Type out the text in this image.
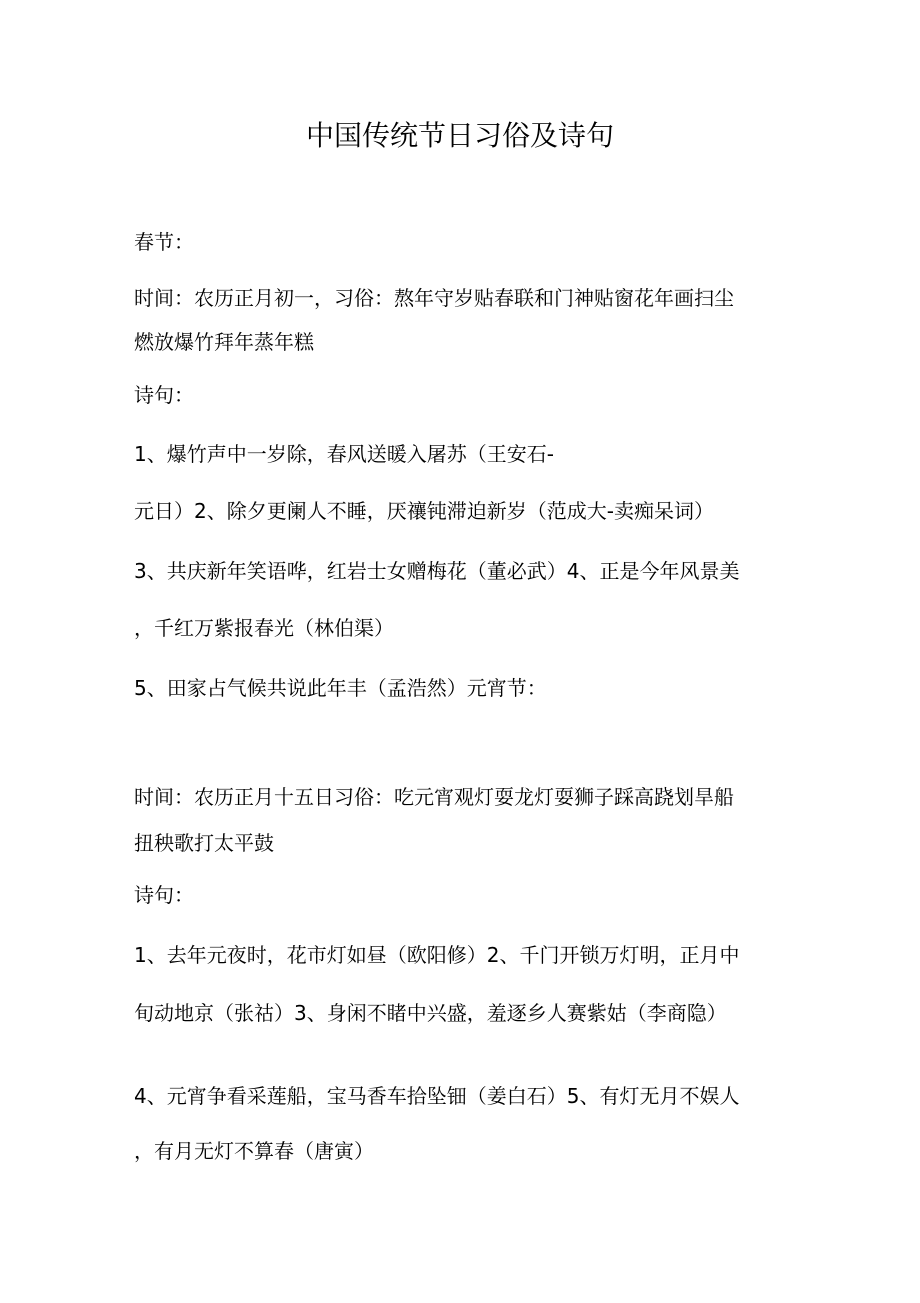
中国传统节日习俗及诗句
春节：
时间：农历正月初一，习俗：熬年守岁贴春联和门神贴窗花年画扫尘
燃放爆竹拜年蒸年糕
诗句：
1、爆竹声中一岁除，春风送暖入屠苏（王安石-
元日）2、除夕更阑人不睡，厌禳钝滞迫新岁（范成大-卖痴呆词）
3、共庆新年笑语哗，红岩士女赠梅花（董必武）4、正是今年风景美
，千红万紫报春光（林伯渠）
5、田家占气候共说此年丰（孟浩然）元宵节：
时间：农历正月十五日习俗：吃元宵观灯耍龙灯耍狮子踩高跷划旱船
扭秧歌打太平鼓
诗句：
1、去年元夜时，花市灯如昼（欧阳修）2、千门开锁万灯明，正月中
旬动地京（张祜）3、身闲不睹中兴盛，羞逐乡人赛紫姑（李商隐）
4、元宵争看采莲船，宝马香车拾坠钿（姜白石）5、有灯无月不娱人
，有月无灯不算春（唐寅）
